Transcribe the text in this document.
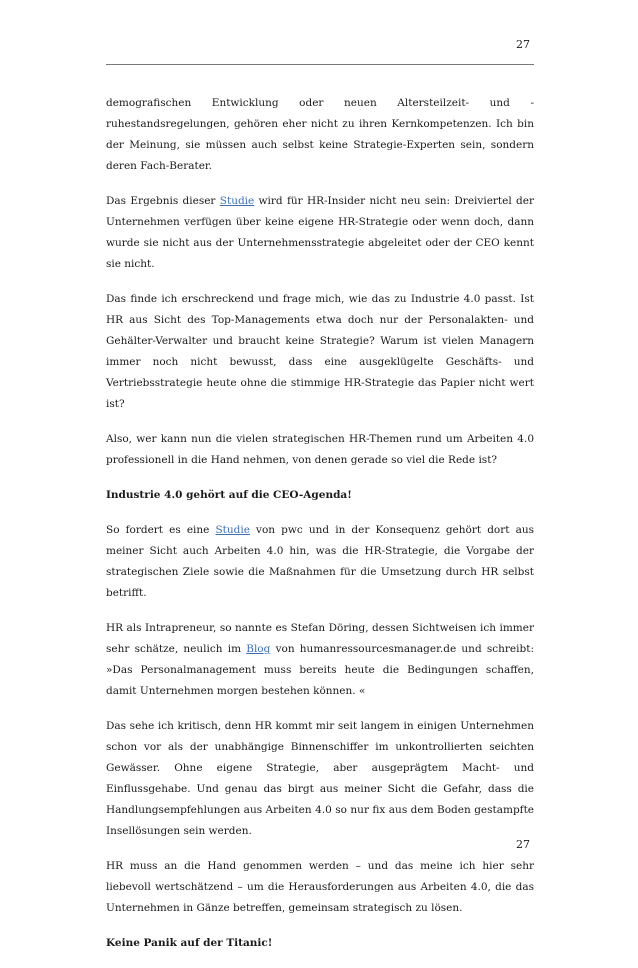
27

demografischen Entwicklung oder neuen Altersteilzeit- und -ruhestandsregelungen, gehören eher nicht zu ihren Kernkompetenzen. Ich bin der Meinung, sie müssen auch selbst keine Strategie-Experten sein, sondern deren Fach-Berater.

Das Ergebnis dieser Studie wird für HR-Insider nicht neu sein: Dreiviertel der Unternehmen verfügen über keine eigene HR-Strategie oder wenn doch, dann wurde sie nicht aus der Unternehmensstrategie abgeleitet oder der CEO kennt sie nicht.

Das finde ich erschreckend und frage mich, wie das zu Industrie 4.0 passt. Ist HR aus Sicht des Top-Managements etwa doch nur der Personalakten- und Gehälter-Verwalter und braucht keine Strategie? Warum ist vielen Managern immer noch nicht bewusst, dass eine ausgeklügelte Geschäfts- und Vertriebsstrategie heute ohne die stimmige HR-Strategie das Papier nicht wert ist?

Also, wer kann nun die vielen strategischen HR-Themen rund um Arbeiten 4.0 professionell in die Hand nehmen, von denen gerade so viel die Rede ist?

Industrie 4.0 gehört auf die CEO-Agenda!

So fordert es eine Studie von pwc und in der Konsequenz gehört dort aus meiner Sicht auch Arbeiten 4.0 hin, was die HR-Strategie, die Vorgabe der strategischen Ziele sowie die Maßnahmen für die Umsetzung durch HR selbst betrifft.

HR als Intrapreneur, so nannte es Stefan Döring, dessen Sichtweisen ich immer sehr schätze, neulich im Blog von humanressourcesmanager.de und schreibt: »Das Personalmanagement muss bereits heute die Bedingungen schaffen, damit Unternehmen morgen bestehen können. «

Das sehe ich kritisch, denn HR kommt mir seit langem in einigen Unternehmen schon vor als der unabhängige Binnenschiffer im unkontrollierten seichten Gewässer. Ohne eigene Strategie, aber ausgeprägtem Macht- und Einflussgehabe. Und genau das birgt aus meiner Sicht die Gefahr, dass die Handlungsempfehlungen aus Arbeiten 4.0 so nur fix aus dem Boden gestampfte Insellösungen sein werden.

HR muss an die Hand genommen werden – und das meine ich hier sehr liebevoll wertschätzend – um die Herausforderungen aus Arbeiten 4.0, die das Unternehmen in Gänze betreffen, gemeinsam strategisch zu lösen.

Keine Panik auf der Titanic!
27
